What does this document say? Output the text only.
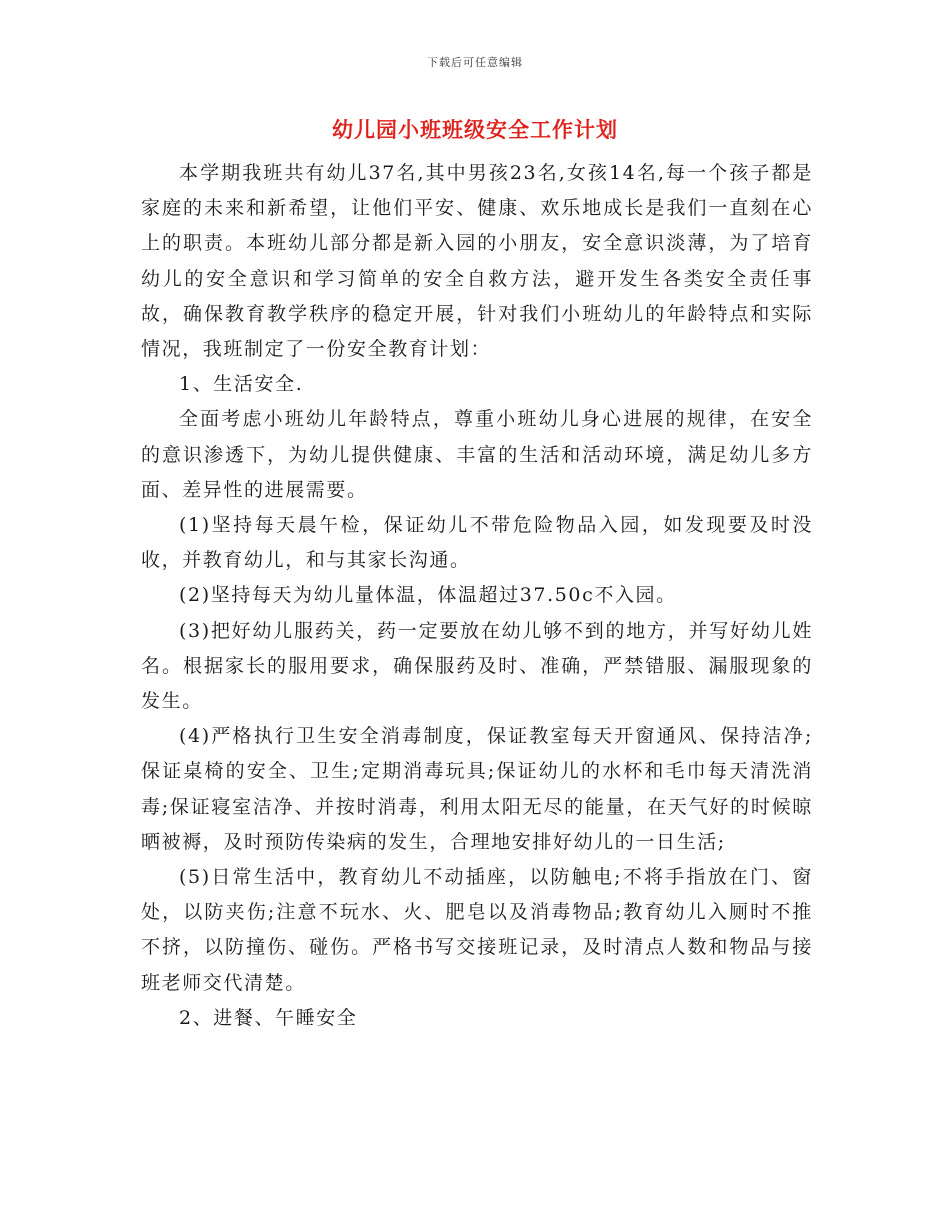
下载后可任意编辑
幼儿园小班班级安全工作计划

本学期我班共有幼儿37名,其中男孩23名,女孩14名,每一个孩子都是家庭的未来和新希望，让他们平安、健康、欢乐地成长是我们一直刻在心上的职责。本班幼儿部分都是新入园的小朋友，安全意识淡薄，为了培育幼儿的安全意识和学习简单的安全自救方法，避开发生各类安全责任事故，确保教育教学秩序的稳定开展，针对我们小班幼儿的年龄特点和实际情况，我班制定了一份安全教育计划：

1、生活安全.

全面考虑小班幼儿年龄特点，尊重小班幼儿身心进展的规律，在安全的意识渗透下，为幼儿提供健康、丰富的生活和活动环境，满足幼儿多方面、差异性的进展需要。

(1)坚持每天晨午检，保证幼儿不带危险物品入园，如发现要及时没收，并教育幼儿，和与其家长沟通。

(2)坚持每天为幼儿量体温，体温超过37.50c不入园。

(3)把好幼儿服药关，药一定要放在幼儿够不到的地方，并写好幼儿姓名。根据家长的服用要求，确保服药及时、准确，严禁错服、漏服现象的发生。

(4)严格执行卫生安全消毒制度，保证教室每天开窗通风、保持洁净;保证桌椅的安全、卫生;定期消毒玩具;保证幼儿的水杯和毛巾每天清洗消毒;保证寝室洁净、并按时消毒，利用太阳无尽的能量，在天气好的时候晾晒被褥，及时预防传染病的发生，合理地安排好幼儿的一日生活;

(5)日常生活中，教育幼儿不动插座，以防触电;不将手指放在门、窗处，以防夹伤;注意不玩水、火、肥皂以及消毒物品;教育幼儿入厕时不推不挤，以防撞伤、碰伤。严格书写交接班记录，及时清点人数和物品与接班老师交代清楚。

2、进餐、午睡安全
